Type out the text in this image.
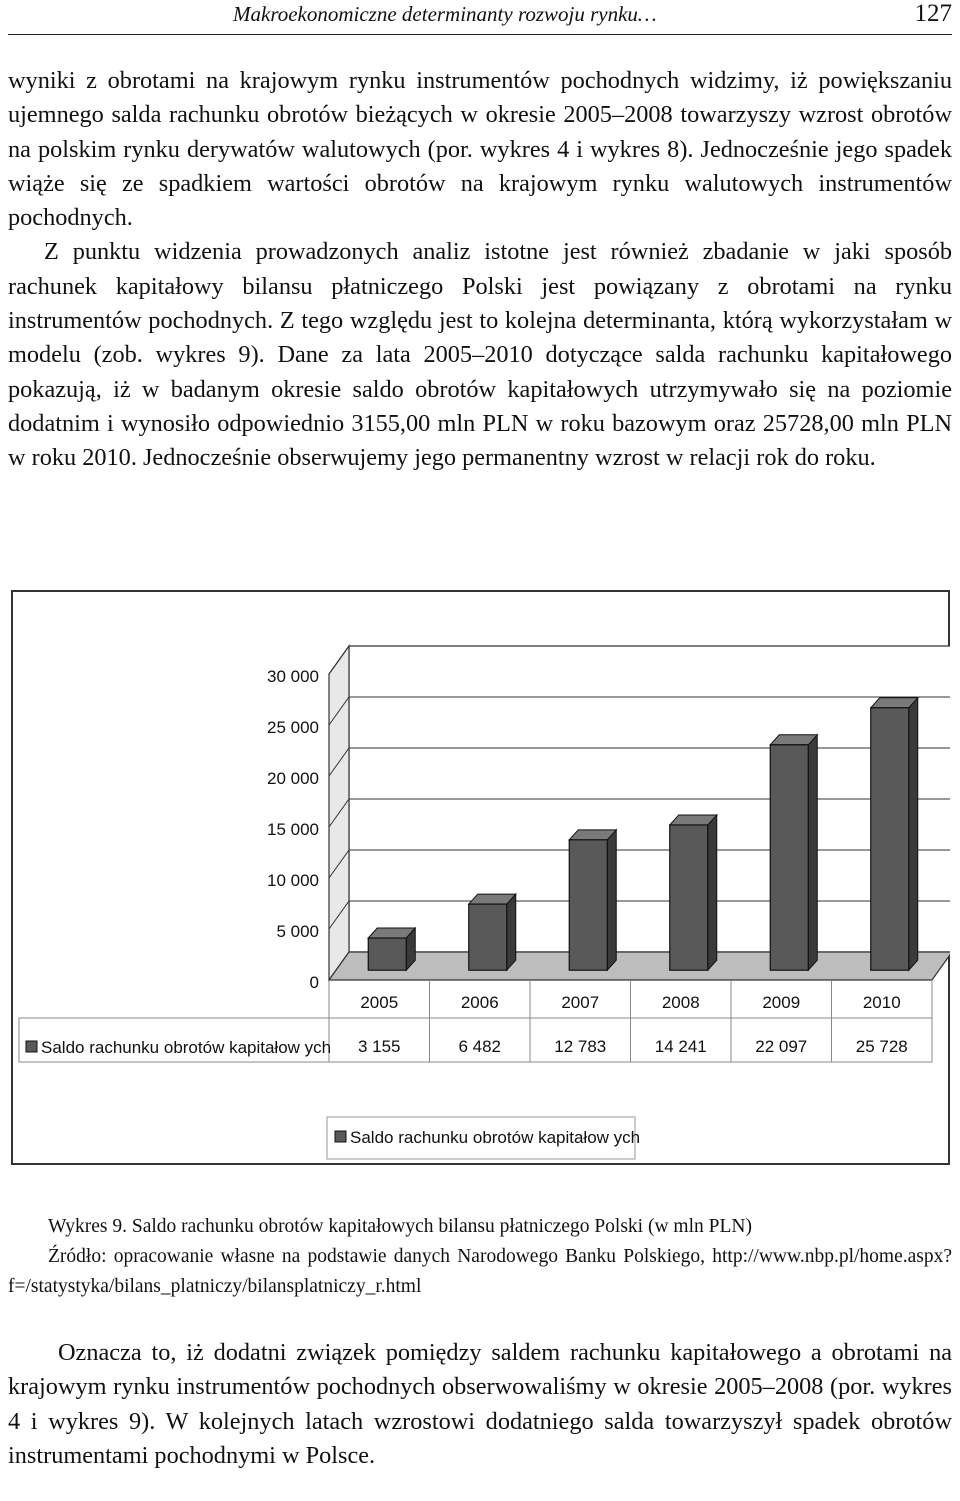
Makroekonomiczne determinanty rozwoju rynku…	127

wyniki z obrotami na krajowym rynku instrumentów pochodnych widzimy, iż powiększaniu ujemnego salda rachunku obrotów bieżących w okresie 2005–2008 towarzyszy wzrost obrotów na polskim rynku derywatów walutowych (por. wykres 4 i wykres 8). Jednocześnie jego spadek wiąże się ze spadkiem wartości obrotów na krajowym rynku walutowych instrumentów pochodnych.

Z punktu widzenia prowadzonych analiz istotne jest również zbadanie w jaki sposób rachunek kapitałowy bilansu płatniczego Polski jest powiązany z obrotami na rynku instrumentów pochodnych. Z tego względu jest to kolejna determinanta, którą wykorzystałam w modelu (zob. wykres 9). Dane za lata 2005–2010 dotyczące salda rachunku kapitałowego pokazują, iż w badanym okresie saldo obrotów kapitałowych utrzymywało się na poziomie dodatnim i wynosiło odpowiednio 3155,00 mln PLN w roku bazowym oraz 25728,00 mln PLN w roku 2010. Jednocześnie obserwujemy jego permanentny wzrost w relacji rok do roku.

0
5 000
10 000
15 000
20 000
25 000
30 000
2005
3 155
2006
6 482
2007
12 783
2008
14 241
2009
22 097
2010
25 728
Saldo rachunku obrotów kapitałow ych
Saldo rachunku obrotów kapitałow ych
Wykres 9. Saldo rachunku obrotów kapitałowych bilansu płatniczego Polski (w mln PLN)
Źródło: opracowanie własne na podstawie danych Narodowego Banku Polskiego, http://www.nbp.pl/home.aspx?f=/statystyka/bilans_platniczy/bilansplatniczy_r.html

Oznacza to, iż dodatni związek pomiędzy saldem rachunku kapitałowego a obrotami na krajowym rynku instrumentów pochodnych obserwowaliśmy w okresie 2005–2008 (por. wykres 4 i wykres 9). W kolejnych latach wzrostowi dodatniego salda towarzyszył spadek obrotów instrumentami pochodnymi w Polsce.
